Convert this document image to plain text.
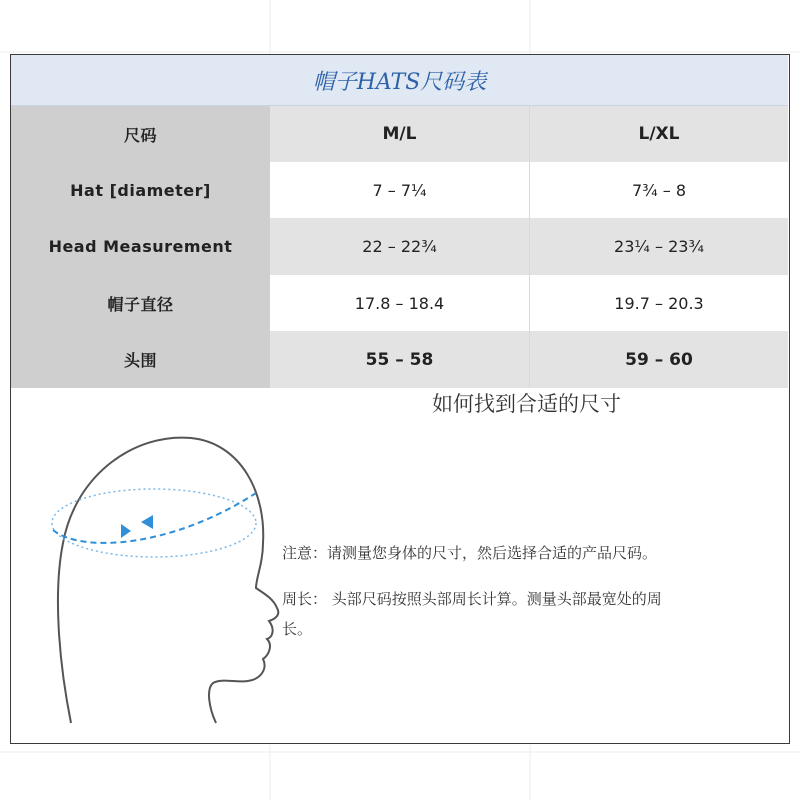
帽子HATS尺码表
尺码	M/L	L/XL
Hat [diameter]	7 – 7¼	7¾ – 8
Head Measurement	22 – 22¾	23¼ – 23¾
帽子直径	17.8 – 18.4	19.7 – 20.3
头围	55 – 58	59 – 60
如何找到合适的尺寸
注意：请测量您身体的尺寸，然后选择合适的产品尺码。
周长： 头部尺码按照头部周长计算。测量头部最宽处的周
长。
